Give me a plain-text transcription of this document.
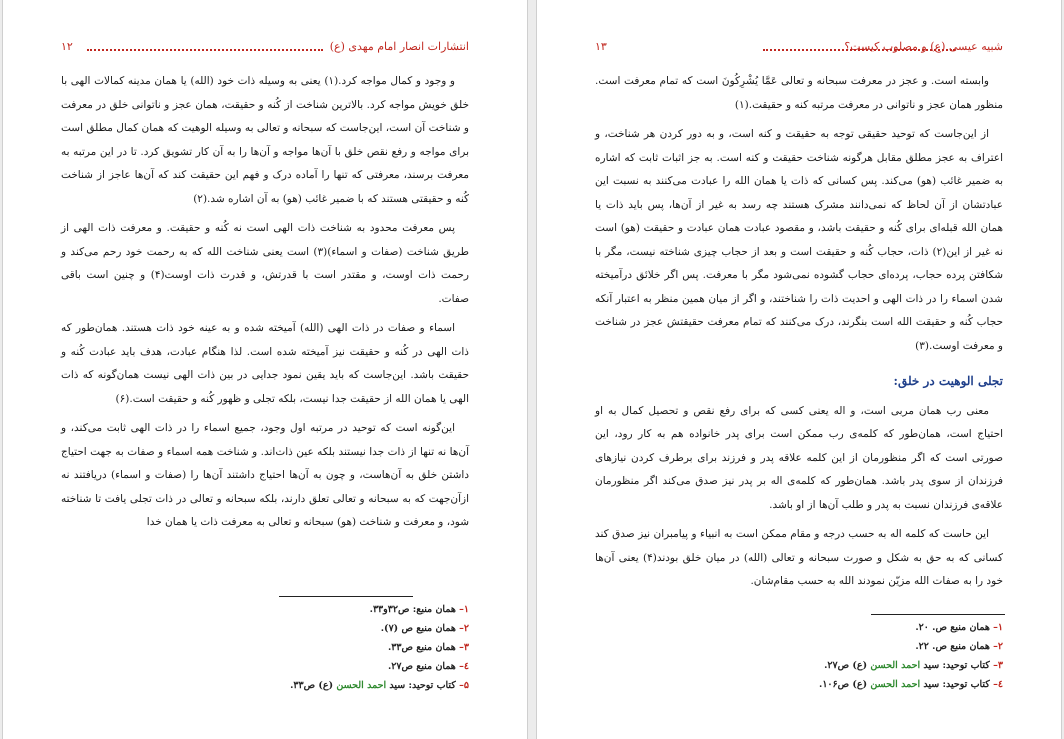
انتشارات انصار امام مهدی (ع)
۱۲

و وجود و کمال مواجه کرد.(۱) یعنی به وسیله ذات خود (الله) یا همان مدینه کمالات الهی با خلق خویش مواجه کرد. بالاترین شناخت از کُنه و حقیقت، همان عجز و ناتوانی خلق در معرفت و شناخت آن است، این‌جاست که سبحانه و تعالی به وسیله الوهیت که همان کمال مطلق است برای مواجه و رفع نقص خلق با آن‌ها مواجه و آن‌ها را به آن کار تشویق کرد. تا در این مرتبه به معرفت برسند، معرفتی که تنها را آماده درک و فهم این حقیقت کند که آن‌ها عاجز از شناخت کُنه و حقیقتی هستند که با ضمیر غائب (هو) به آن اشاره شد.(۲)

پس معرفت محدود به شناخت ذات الهی است نه کُنه و حقیقت. و معرفت ذات الهی از طریق شناخت (صفات و اسماء)(۳) است یعنی شناخت الله که به رحمت خود رحم می‌کند و رحمت ذات اوست، و مقتدر است با قدرتش، و قدرت ذات اوست(۴) و چنین است باقی صفات.

اسماء و صفات در ذات الهی (الله) آمیخته شده و به عینه خود ذات هستند. همان‌طور که ذات الهی در کُنه و حقیقت نیز آمیخته شده است. لذا هنگام عبادت، هدف باید عبادت کُنه و حقیقت باشد. این‌جاست که باید یقین نمود جدایی در بین ذات الهی نیست همان‌گونه که ذات الهی یا همان الله از حقیقت جدا نیست، بلکه تجلی و ظهور کُنه و حقیقت است.(۶)

این‌گونه است که توحید در مرتبه اول وجود، جمیع اسماء را در ذات الهی ثابت می‌کند، و آن‌ها نه تنها از ذات جدا نیستند بلکه عین ذات‌اند. و شناخت همه اسماء و صفات به جهت احتیاج داشتن خلق به آن‌هاست، و چون به آن‌ها احتیاج داشتند آن‌ها را (صفات و اسماء) دریافتند نه ازآن‌جهت که به سبحانه و تعالی تعلق دارند، بلکه سبحانه و تعالی در ذات تجلی یافت تا شناخته شود، و معرفت و شناخت (هو) سبحانه و تعالی به معرفت ذات یا همان خدا

۱– همان منبع: ص۳۲و۳۳.
۲– همان منبع ص (۷).
۳– همان منبع ص۳۳.
٤– همان منبع ص۲۷.
۵– کتاب توحید: سید احمد الحسن (ع) ص۳۳.
شبیه عیسی (ع) و مصلوب کیست؟
۱۳

وابسته است. و عجز در معرفت سبحانه و تعالی عَمَّا يُشْرِكُونَ است که تمام معرفت است. منظور همان عجز و ناتوانی در معرفت مرتبه کنه و حقیقت.(۱)

از این‌جاست که توحید حقیقی توجه به حقیقت و کنه است، و به دور کردن هر شناخت، و اعتراف به عجز مطلق مقابل هرگونه شناخت حقیقت و کنه است. به جز اثبات ثابت که اشاره به ضمیر غائب (هو) می‌کند. پس کسانی که ذات یا همان الله را عبادت می‌کنند به نسبت این عبادتشان از آن لحاظ که نمی‌دانند مشرک هستند چه رسد به غیر از آن‌ها، پس باید ذات یا همان الله قبله‌ای برای کُنه و حقیقت باشد، و مقصود عبادت همان عبادت و حقیقت (هو) است نه غیر از این(۲) ذات، حجاب کُنه و حقیقت است و بعد از حجاب چیزی شناخته نیست، مگر با شکافتن پرده حجاب، پرده‌ای حجاب گشوده نمی‌شود مگر با معرفت. پس اگر خلائق درآمیخته شدن اسماء را در ذات الهی و احدیت ذات را شناختند، و اگر از میان همین منظر به اعتبار آنکه حجاب کُنه و حقیقت الله است بنگرند، درک می‌کنند که تمام معرفت حقیقتش عجز در شناخت و معرفت اوست.(۳)

تجلی الوهیت در خلق:

معنی رب همان مربی است، و اله یعنی کسی که برای رفع نقص و تحصیل کمال به او احتیاج است، همان‌طور که کلمه‌ی رب ممکن است برای پدر خانواده هم به کار رود، این صورتی است که اگر منظورمان از این کلمه علاقه پدر و فرزند برای برطرف کردن نیازهای فرزندان از سوی پدر باشد. همان‌طور که کلمه‌ی اله بر پدر نیز صدق می‌کند اگر منظورمان علاقه‌ی فرزندان نسبت به پدر و طلب آن‌ها از او باشد.

این حاست که کلمه اله به حسب درجه و مقام ممکن است به انبیاء و پیامبران نیز صدق کند کسانی که به حق به شکل و صورت سبحانه و تعالی (الله) در میان خلق بودند(۴) یعنی آن‌ها خود را به صفات الله مزیّن نمودند الله به حسب مقام‌شان.

۱– همان منبع ص. ۲۰.
۲– همان منبع ص. ۲۲.
۳– کتاب توحید: سید احمد الحسن (ع) ص۲۷.
٤– کتاب توحید: سید احمد الحسن (ع) ص۱۰۶.
